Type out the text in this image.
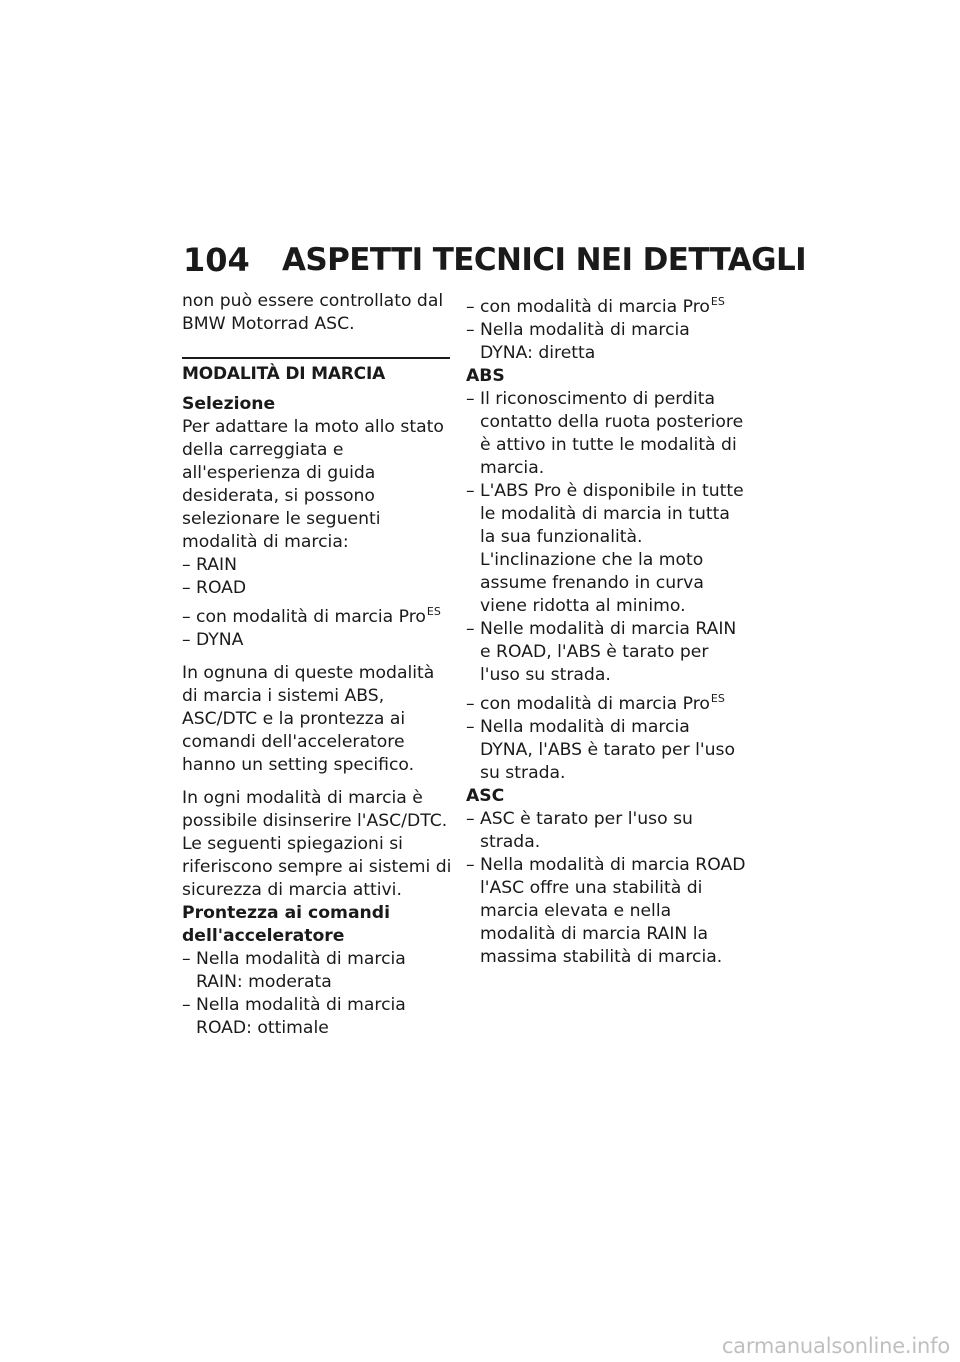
104 ASPETTI TECNICI NEI DETTAGLI

non può essere controllato dal BMW Motorrad ASC.

MODALITÀ DI MARCIA

Selezione

Per adattare la moto allo stato della carreggiata e all'esperienza di guida desiderata, si possono selezionare le seguenti modalità di marcia:

– RAIN

– ROAD

– con modalità di marcia Pro$^{ES}$

– DYNA

In ognuna di queste modalità di marcia i sistemi ABS, ASC/DTC e la prontezza ai comandi dell'acceleratore hanno un setting specifico.

In ogni modalità di marcia è possibile disinserire l'ASC/DTC. Le seguenti spiegazioni si riferiscono sempre ai sistemi di sicurezza di marcia attivi.

Prontezza ai comandi dell'acceleratore

– Nella modalità di marcia RAIN: moderata

– Nella modalità di marcia ROAD: ottimale

– con modalità di marcia Pro$^{ES}$

– Nella modalità di marcia DYNA: diretta

ABS

– Il riconoscimento di perdita contatto della ruota posteriore è attivo in tutte le modalità di marcia.

– L'ABS Pro è disponibile in tutte le modalità di marcia in tutta la sua funzionalità. L'inclinazione che la moto assume frenando in curva viene ridotta al minimo.

– Nelle modalità di marcia RAIN e ROAD, l'ABS è tarato per l'uso su strada.

– con modalità di marcia Pro$^{ES}$

– Nella modalità di marcia DYNA, l'ABS è tarato per l'uso su strada.

ASC

– ASC è tarato per l'uso su strada.

– Nella modalità di marcia ROAD l'ASC offre una stabilità di marcia elevata e nella modalità di marcia RAIN la massima stabilità di marcia.

carmanualsonline.info
